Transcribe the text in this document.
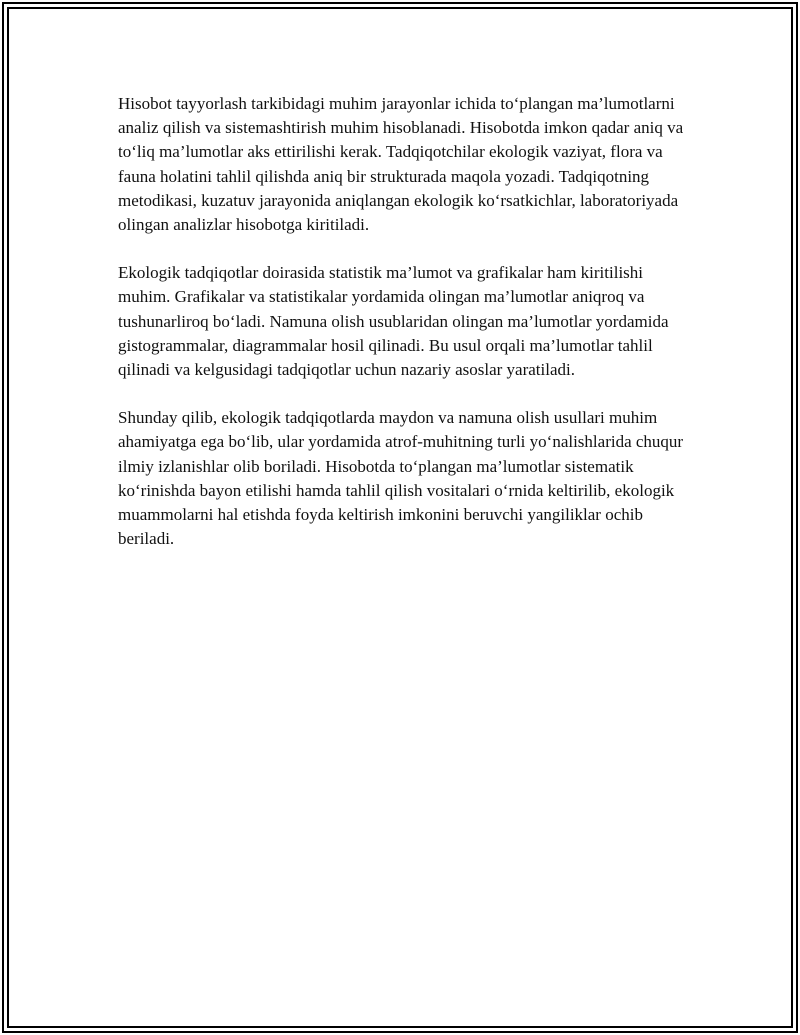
Hisobot tayyorlash tarkibidagi muhim jarayonlar ichida to‘plangan ma’lumotlarni analiz qilish va sistemashtirish muhim hisoblanadi. Hisobotda imkon qadar aniq va to‘liq ma’lumotlar aks ettirilishi kerak. Tadqiqotchilar ekologik vaziyat, flora va fauna holatini tahlil qilishda aniq bir strukturada maqola yozadi. Tadqiqotning metodikasi, kuzatuv jarayonida aniqlangan ekologik ko‘rsatkichlar, laboratoriyada olingan analizlar hisobotga kiritiladi.

Ekologik tadqiqotlar doirasida statistik ma’lumot va grafikalar ham kiritilishi muhim. Grafikalar va statistikalar yordamida olingan ma’lumotlar aniqroq va tushunarliroq bo‘ladi. Namuna olish usublaridan olingan ma’lumotlar yordamida gistogrammalar, diagrammalar hosil qilinadi. Bu usul orqali ma’lumotlar tahlil qilinadi va kelgusidagi tadqiqotlar uchun nazariy asoslar yaratiladi.

Shunday qilib, ekologik tadqiqotlarda maydon va namuna olish usullari muhim ahamiyatga ega bo‘lib, ular yordamida atrof-muhitning turli yo‘nalishlarida chuqur ilmiy izlanishlar olib boriladi. Hisobotda to‘plangan ma’lumotlar sistematik ko‘rinishda bayon etilishi hamda tahlil qilish vositalari o‘rnida keltirilib, ekologik muammolarni hal etishda foyda keltirish imkonini beruvchi yangiliklar ochib beriladi.
